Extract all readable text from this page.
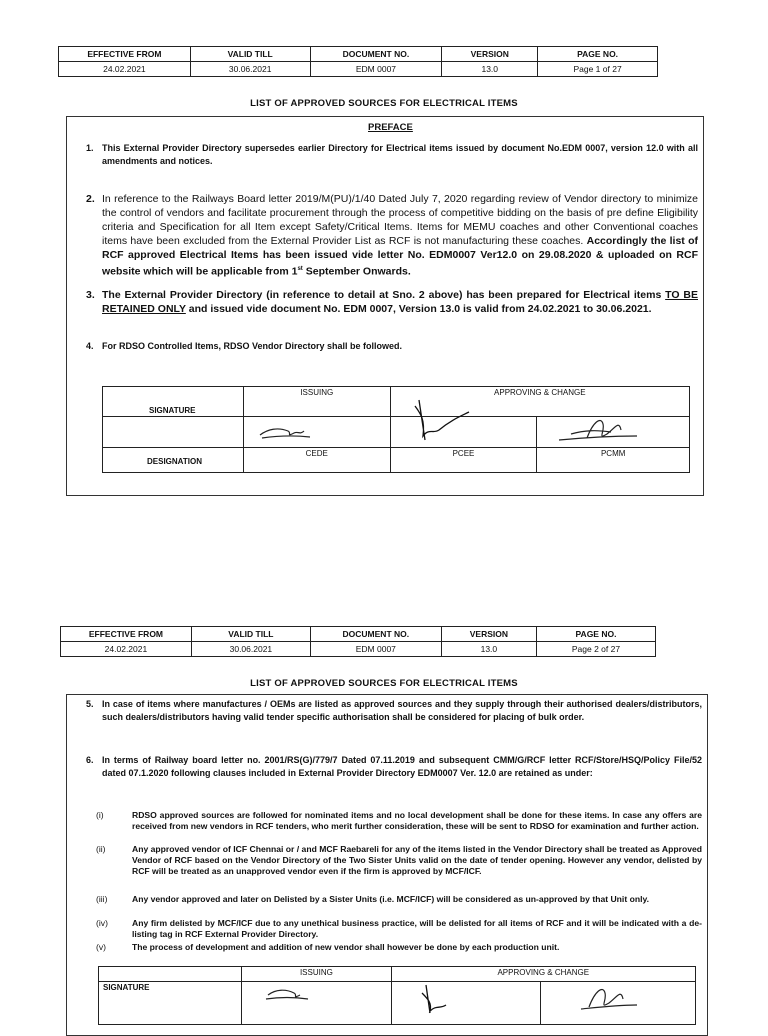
EFFECTIVE FROM	VALID TILL	DOCUMENT NO.	VERSION	PAGE NO.
24.02.2021	30.06.2021	EDM 0007	13.0	Page 1 of 27
LIST OF APPROVED SOURCES FOR ELECTRICAL ITEMS
PREFACE
1. This External Provider Directory supersedes earlier Directory for Electrical items issued by document No.EDM 0007, version 12.0 with all amendments and notices.
2. In reference to the Railways Board letter 2019/M(PU)/1/40 Dated July 7, 2020 regarding review of Vendor directory to minimize the control of vendors and facilitate procurement through the process of competitive bidding on the basis of pre define Eligibility criteria and Specification for all Item except Safety/Critical Items. Items for MEMU coaches and other Conventional coaches items have been excluded from the External Provider List as RCF is not manufacturing these coaches. Accordingly the list of RCF approved Electrical Items has been issued vide letter No. EDM0007 Ver12.0 on 29.08.2020 & uploaded on RCF website which will be applicable from 1st September Onwards.
3. The External Provider Directory (in reference to detail at Sno. 2 above) has been prepared for Electrical items TO BE RETAINED ONLY and issued vide document No. EDM 0007, Version 13.0 is valid from 24.02.2021 to 30.06.2021.
4. For RDSO Controlled Items, RDSO Vendor Directory shall be followed.
SIGNATURE	ISSUING	APPROVING & CHANGE	

DESIGNATION	CEDE	PCEE	PCMM
EFFECTIVE FROM	VALID TILL	DOCUMENT NO.	VERSION	PAGE NO.
24.02.2021	30.06.2021	EDM 0007	13.0	Page 2 of 27
LIST OF APPROVED SOURCES FOR ELECTRICAL ITEMS
5. In case of items where manufactures / OEMs are listed as approved sources and they supply through their authorised dealers/distributors, such dealers/distributors having valid tender specific authorisation shall be considered for placing of bulk order.
6. In terms of Railway board letter no. 2001/RS(G)/779/7 Dated 07.11.2019 and subsequent CMM/G/RCF letter RCF/Store/HSQ/Policy File/52 dated 07.1.2020 following clauses included in External Provider Directory EDM0007 Ver. 12.0 are retained as under:
(i)	RDSO approved sources are followed for nominated items and no local development shall be done for these items. In case any offers are received from new vendors in RCF tenders, who merit further consideration, these will be sent to RDSO for examination and further action.
(ii)	Any approved vendor of ICF Chennai or / and MCF Raebareli for any of the items listed in the Vendor Directory shall be treated as Approved Vendor of RCF based on the Vendor Directory of the Two Sister Units valid on the date of tender opening. However any vendor, delisted by RCF will be treated as an unapproved vendor even if the firm is approved by MCF/ICF.
(iii)	Any vendor approved and later on Delisted by a Sister Units (i.e. MCF/ICF) will be considered as un-approved by that Unit only.
(iv)	Any firm delisted by MCF/ICF due to any unethical business practice, will be delisted for all items of RCF and it will be indicated with a de-listing tag in RCF External Provider Directory.
(v)	The process of development and addition of new vendor shall however be done by each production unit.
	ISSUING	APPROVING & CHANGE	
SIGNATURE	
